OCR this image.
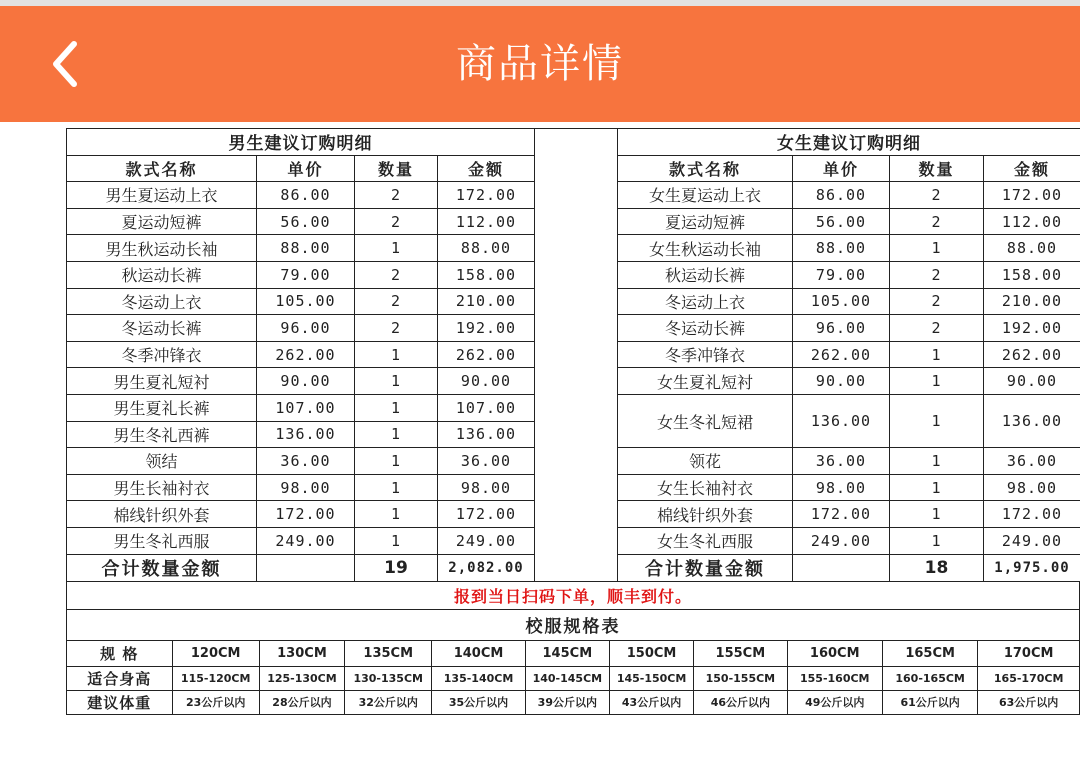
商品详情
男生建议订购明细					女生建议订购明细			
款式名称	单价	数量	金额		款式名称	单价	数量	金额
男生夏运动上衣	86.00	2	172.00		女生夏运动上衣	86.00	2	172.00
夏运动短裤	56.00	2	112.00		夏运动短裤	56.00	2	112.00
男生秋运动长袖	88.00	1	88.00		女生秋运动长袖	88.00	1	88.00
秋运动长裤	79.00	2	158.00		秋运动长裤	79.00	2	158.00
冬运动上衣	105.00	2	210.00		冬运动上衣	105.00	2	210.00
冬运动长裤	96.00	2	192.00		冬运动长裤	96.00	2	192.00
冬季冲锋衣	262.00	1	262.00		冬季冲锋衣	262.00	1	262.00
男生夏礼短衬	90.00	1	90.00		女生夏礼短衬	90.00	1	90.00
男生夏礼长裤	107.00	1	107.00		女生冬礼短裙	136.00	1	136.00
男生冬礼西裤	136.00	1	136.00					
领结	36.00	1	36.00		领花	36.00	1	36.00
男生长袖衬衣	98.00	1	98.00		女生长袖衬衣	98.00	1	98.00
棉线针织外套	172.00	1	172.00		棉线针织外套	172.00	1	172.00
男生冬礼西服	249.00	1	249.00		女生冬礼西服	249.00	1	249.00
合计数量金额		19	2,082.00		合计数量金额		18	1,975.00
报到当日扫码下单，顺丰到付。
校服规格表										
规 格	120CM	130CM	135CM	140CM	145CM	150CM	155CM	160CM	165CM	170CM
适合身高	115-120CM	125-130CM	130-135CM	135-140CM	140-145CM	145-150CM	150-155CM	155-160CM	160-165CM	165-170CM
建议体重	23公斤以内	28公斤以内	32公斤以内	35公斤以内	39公斤以内	43公斤以内	46公斤以内	49公斤以内	61公斤以内	63公斤以内
